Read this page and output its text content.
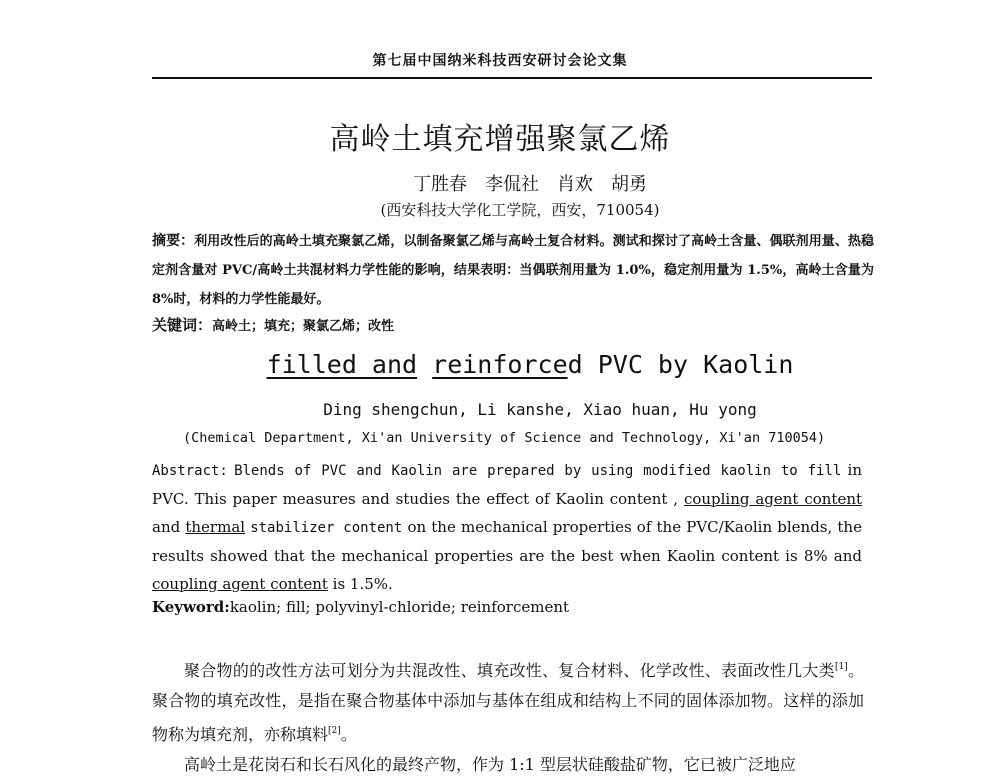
第七届中国纳米科技西安研讨会论文集
高岭土填充增强聚氯乙烯
丁胜春　李侃社　肖欢　胡勇
(西安科技大学化工学院，西安，710054)
摘要：利用改性后的高岭土填充聚氯乙烯，以制备聚氯乙烯与高岭土复合材料。测试和探讨了高岭土含量、偶联剂用量、热稳定剂含量对 PVC/高岭土共混材料力学性能的影响，结果表明：当偶联剂用量为 1.0%，稳定剂用量为 1.5%，高岭土含量为 8%时，材料的力学性能最好。
关键词：高岭土；填充；聚氯乙烯；改性
filled and reinforced PVC by Kaolin
Ding shengchun, Li kanshe, Xiao huan, Hu yong
(Chemical Department, Xi'an University of Science and Technology, Xi'an 710054)
Abstract: Blends of PVC and Kaolin are prepared by using modified kaolin to fill in PVC. This paper measures and studies the effect of Kaolin content , coupling agent content and thermal stabilizer content on the mechanical properties of the PVC/Kaolin blends, the results showed that the mechanical properties are the best when Kaolin content is 8% and coupling agent content is 1.5%.
Keyword:kaolin; fill; polyvinyl-chloride; reinforcement

聚合物的的改性方法可划分为共混改性、填充改性、复合材料、化学改性、表面改性几大类[1]。聚合物的填充改性，是指在聚合物基体中添加与基体在组成和结构上不同的固体添加物。这样的添加物称为填充剂，亦称填料[2]。

高岭土是花岗石和长石风化的最终产物，作为 1:1 型层状硅酸盐矿物，它已被广泛地应
